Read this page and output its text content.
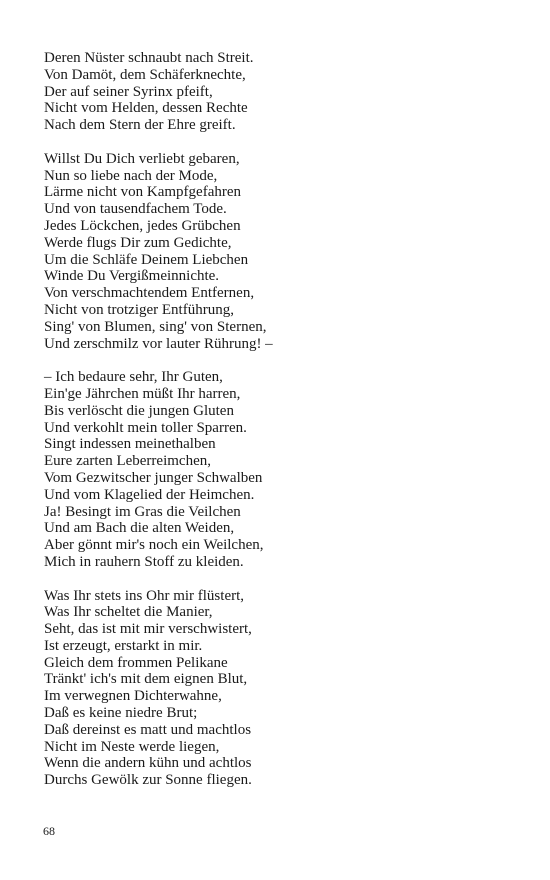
Deren Nüster schnaubt nach Streit.
Von Damöt, dem Schäferknechte,
Der auf seiner Syrinx pfeift,
Nicht vom Helden, dessen Rechte
Nach dem Stern der Ehre greift.
Willst Du Dich verliebt gebaren,
Nun so liebe nach der Mode,
Lärme nicht von Kampfgefahren
Und von tausendfachem Tode.
Jedes Löckchen, jedes Grübchen
Werde flugs Dir zum Gedichte,
Um die Schläfe Deinem Liebchen
Winde Du Vergißmeinnichte.
Von verschmachtendem Entfernen,
Nicht von trotziger Entführung,
Sing' von Blumen, sing' von Sternen,
Und zerschmilz vor lauter Rührung! –
– Ich bedaure sehr, Ihr Guten,
Ein'ge Jährchen müßt Ihr harren,
Bis verlöscht die jungen Gluten
Und verkohlt mein toller Sparren.
Singt indessen meinethalben
Eure zarten Leberreimchen,
Vom Gezwitscher junger Schwalben
Und vom Klagelied der Heimchen.
Ja! Besingt im Gras die Veilchen
Und am Bach die alten Weiden,
Aber gönnt mir's noch ein Weilchen,
Mich in rauhern Stoff zu kleiden.
Was Ihr stets ins Ohr mir flüstert,
Was Ihr scheltet die Manier,
Seht, das ist mit mir verschwistert,
Ist erzeugt, erstarkt in mir.
Gleich dem frommen Pelikane
Tränkt' ich's mit dem eignen Blut,
Im verwegnen Dichterwahne,
Daß es keine niedre Brut;
Daß dereinst es matt und machtlos
Nicht im Neste werde liegen,
Wenn die andern kühn und achtlos
Durchs Gewölk zur Sonne fliegen.
68
